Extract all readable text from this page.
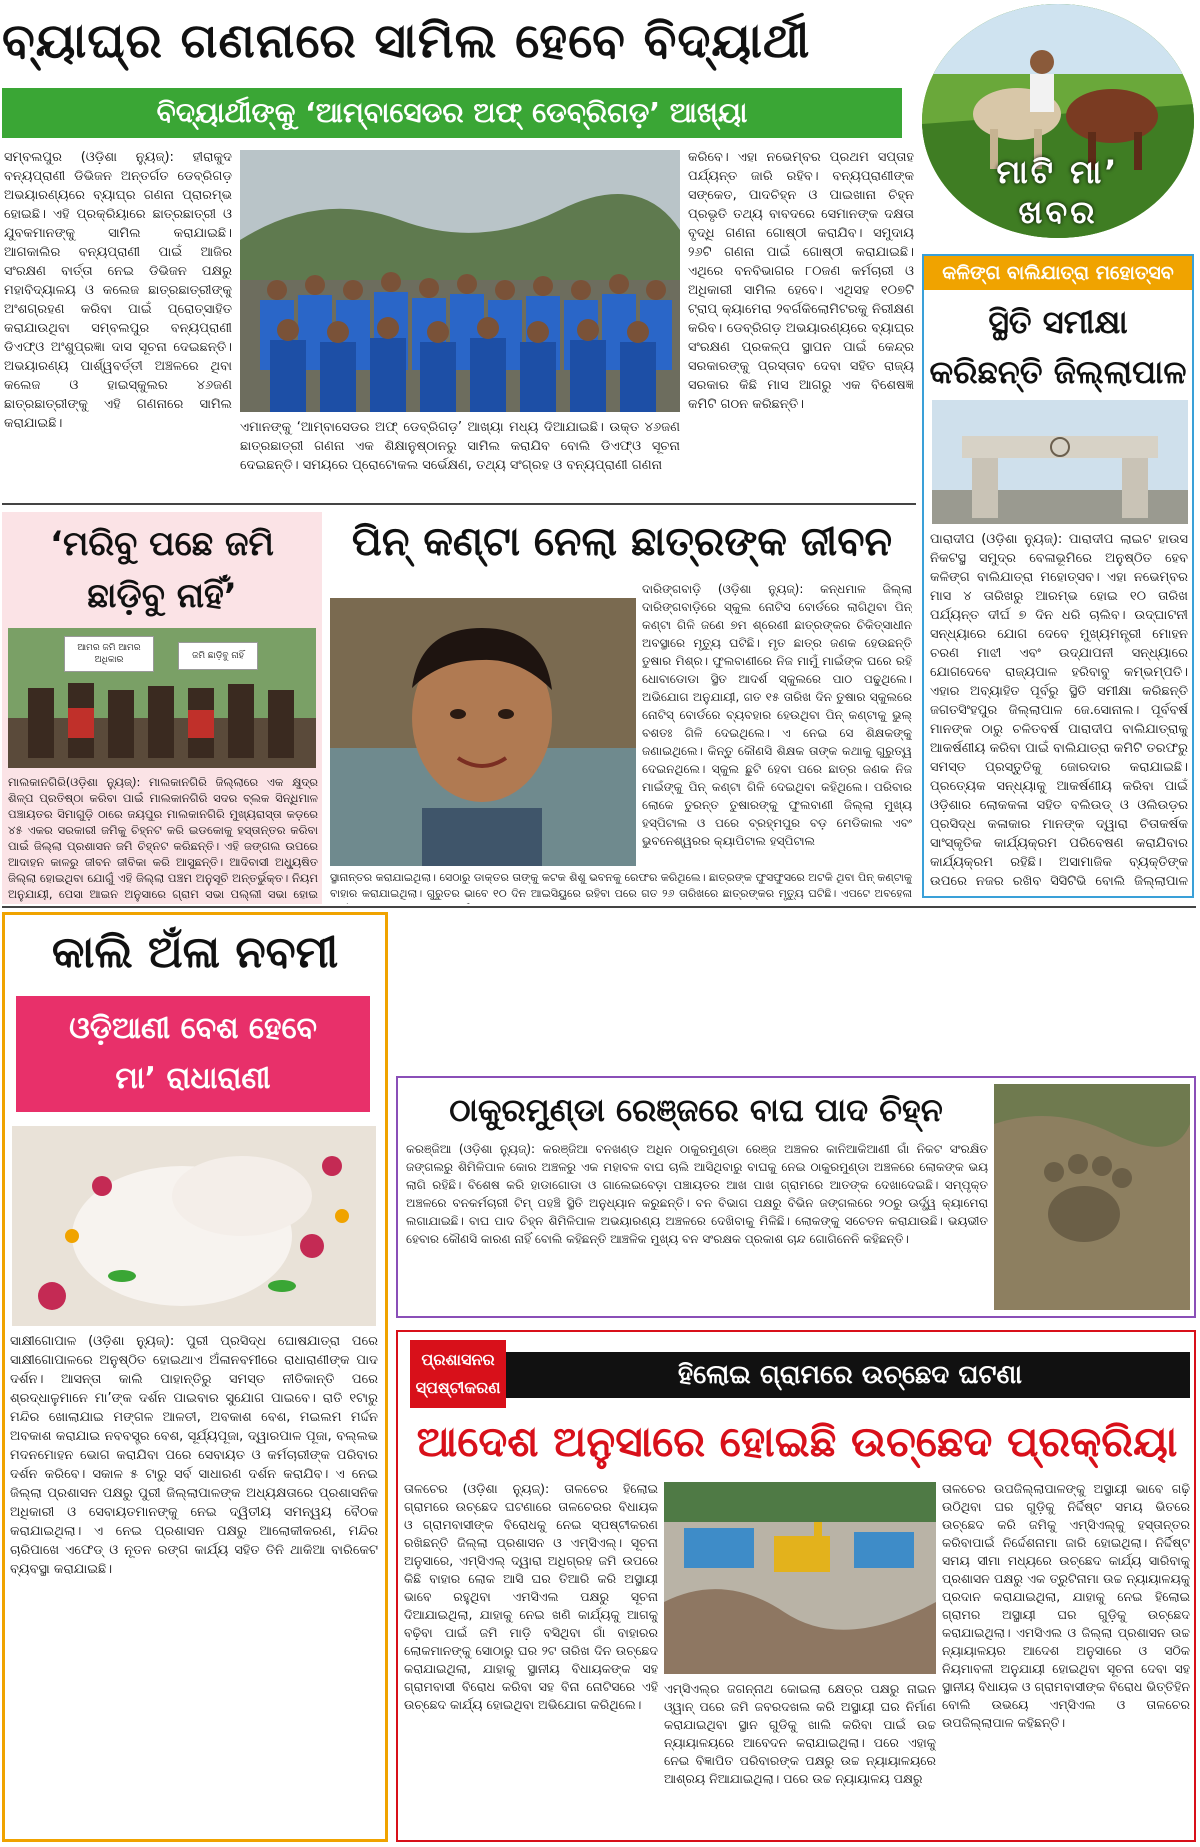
ବ୍ୟାଘ୍ର ଗଣନାରେ ସାମିଲ ହେବେ ବିଦ୍ୟାର୍ଥୀ
ବିଦ୍ୟାର୍ଥୀଙ୍କୁ ‘ଆମ୍ବାସେଡର ଅଫ୍ ଡେବ୍ରିଗଡ଼’ ଆଖ୍ୟା
ସମ୍ବଲପୁର (ଓଡ଼ିଶା ନ୍ୟୁଜ୍): ହୀରାକୁଦ ବନ୍ୟପ୍ରାଣୀ ଡିଭିଜନ ଅନ୍ତର୍ଗତ ଡେବ୍ରିଗଡ଼ ଅଭୟାରଣ୍ୟରେ ବ୍ୟାଘ୍ର ଗଣନା ପ୍ରାରମ୍ଭ ହୋଇଛି। ଏହି ପ୍ରକ୍ରିୟାରେ ଛାତ୍ରଛାତ୍ରୀ ଓ ଯୁବକମାନଙ୍କୁ ସାମିଲ କରାଯାଇଛି। ଆଗକାଲିର ବନ୍ୟପ୍ରାଣୀ ପାଇଁ ଆଜିର ସଂରକ୍ଷଣ ବାର୍ତ୍ତା ନେଇ ଡିଭିଜନ ପକ୍ଷରୁ ମହାବିଦ୍ୟାଳୟ ଓ କଲେଜ ଛାତ୍ରଛାତ୍ରୀଙ୍କୁ ଅଂଶଗ୍ରହଣ କରିବା ପାଇଁ ପ୍ରୋତ୍ସାହିତ କରାଯାଉଥିବା ସମ୍ବଲପୁର ବନ୍ୟପ୍ରାଣୀ ଡିଏଫ୍ଓ ଅଂଶୁପ୍ରଜ୍ଞା ଦାସ ସୂଚନା ଦେଇଛନ୍ତି। ଅଭୟାରଣ୍ୟ ପାର୍ଶ୍ୱବର୍ତ୍ତୀ ଅଞ୍ଚଳରେ ଥିବା କଲେଜ ଓ ହାଇସ୍କୁଲର ୪୬ଜଣ ଛାତ୍ରଛାତ୍ରୀଙ୍କୁ ଏହି ଗଣନାରେ ସାମିଲ କରାଯାଇଛି।	ଏମାନଙ୍କୁ ‘ଆମ୍ବାସେଡର ଅଫ୍ ଡେବ୍ରିଗଡ଼’ ଆଖ୍ୟା ମଧ୍ୟ ଦିଆଯାଇଛି। ଉକ୍ତ ୪୬ଜଣ ଛାତ୍ରଛାତ୍ରୀ ଗଣନା ଏକ ଶିକ୍ଷାନୁଷ୍ଠାନରୁ ସାମିଲ କରାଯିବ ବୋଲି ଡିଏଫ୍ଓ ସୂଚନା ଦେଇଛନ୍ତି। ସମୟରେ ପ୍ରୋଟୋକଲ ସର୍ଭେକ୍ଷଣ, ତଥ୍ୟ ସଂଗ୍ରହ ଓ ବନ୍ୟପ୍ରାଣୀ ଗଣନା
କରିବେ। ଏହା ନଭେମ୍ବର ପ୍ରଥମ ସପ୍ତାହ ପର୍ଯ୍ୟନ୍ତ ଜାରି ରହିବ। ବନ୍ୟପ୍ରାଣୀଙ୍କ ସଙ୍କେତ, ପାଦଚିହ୍ନ ଓ ପାଇଖାନା ଚିହ୍ନ ପ୍ରଭୃତି ତଥ୍ୟ ବାବଦରେ ସେମାନଙ୍କ ଦକ୍ଷତା ବୃଦ୍ଧି ଗଣନା ଗୋଷ୍ଠୀ କରାଯିବ। ସମୁଦାୟ ୨୬ଟି ଗଣନା ପାଇଁ ଗୋଷ୍ଠୀ କରାଯାଇଛି। ଏଥିରେ ବନବିଭାଗର ୮୦ଜଣ କର୍ମଚାରୀ ଓ ଅଧିକାରୀ ସାମିଲ ହେବେ। ଏଥିସହ ୧୦୭ଟି ଟ୍ରାପ୍ କ୍ୟାମେରା ୨ବର୍ଗକିଲୋମିଟରକୁ ନିରୀକ୍ଷଣ କରିବ। ଡେବ୍ରିଗଡ଼ ଅଭୟାରଣ୍ୟରେ ବ୍ୟାଘ୍ର ସଂରକ୍ଷଣ ପ୍ରକଳ୍ପ ସ୍ଥାପନ ପାଇଁ କେନ୍ଦ୍ର ସରକାରଙ୍କୁ ପ୍ରସ୍ତାବ ଦେବା ସହିତ ରାଜ୍ୟ ସରକାର କିଛି ମାସ ଆଗରୁ ଏକ ବିଶେଷଜ୍ଞ କମିଟି ଗଠନ କରିଛନ୍ତି।
ମାଟି ମା’
ଖବର
କଳିଙ୍ଗ ବାଲିଯାତ୍ରା ମହୋତ୍ସବ
ସ୍ଥିତି ସମୀକ୍ଷା
କରିଛନ୍ତି ଜିଲ୍ଲାପାଳ
ପାରାଦୀପ (ଓଡ଼ିଶା ନ୍ୟୁଜ୍): ପାରାଦୀପ ଲାଇଟ ହାଉସ ନିକଟସ୍ଥ ସମୁଦ୍ର ବେଳାଭୂମିରେ ଅନୁଷ୍ଠିତ ହେବ କଳିଙ୍ଗ ବାଲିଯାତ୍ରା ମହୋତ୍ସବ। ଏହା ନଭେମ୍ବର ମାସ ୪ ତାରିଖରୁ ଆରମ୍ଭ ହୋଇ ୧୦ ତାରିଖ ପର୍ଯ୍ୟନ୍ତ ଦୀର୍ଘ ୭ ଦିନ ଧରି ଚାଲିବ। ଉଦ୍‌ଘାଟନୀ ସନ୍ଧ୍ୟାରେ ଯୋଗ ଦେବେ ମୁଖ୍ୟମନ୍ତ୍ରୀ ମୋହନ ଚରଣ ମାଝୀ ଏବଂ ଉଦ୍‌ଯାପନୀ ସନ୍ଧ୍ୟାରେ ଯୋଗଦେବେ ରାଜ୍ୟପାଳ ହରିବାବୁ କମ୍ଭମ୍ପତି। ଏହାର ଅବ୍ୟାହିତ ପୂର୍ବରୁ ସ୍ଥିତି ସମୀକ୍ଷା କରିଛନ୍ତି ଜଗତସିଂହପୁର ଜିଲ୍ଲାପାଳ ଜେ.ସୋନାଲ। ପୂର୍ବବର୍ଷ ମାନଙ୍କ ଠାରୁ ଚଳିତବର୍ଷ ପାରାଦୀପ ବାଲିଯାତ୍ରାକୁ ଆକର୍ଷଣୀୟ କରିବା ପାଇଁ ବାଲିଯାତ୍ରା କମିଟି ତରଫରୁ ସମସ୍ତ ପ୍ରସ୍ତୁତିକୁ ଜୋରଦାର କରାଯାଇଛି। ପ୍ରତ୍ୟେକ ସନ୍ଧ୍ୟାକୁ ଆକର୍ଷଣୀୟ କରିବା ପାଇଁ ଓଡ଼ିଶାର ଲୋକକଳା ସହିତ ବଲିଉଡ୍ ଓ ଓଲିଉଡ଼ର ପ୍ରସିଦ୍ଧ କଳାକାର ମାନଙ୍କ ଦ୍ୱାରା ଚିତାକର୍ଷକ ସାଂସ୍କୃତିକ କାର୍ଯ୍ୟକ୍ରମ ପରିବେଷଣ କରାଯିବାର କାର୍ଯ୍ୟକ୍ରମ ରହିଛି। ଅସାମାଜିକ ବ୍ୟକ୍ତିଙ୍କ ଉପରେ ନଜର ରଖିବ ସିସିଟିଭି ବୋଲି ଜିଲ୍ଲାପାଳ
‘ମରିବୁ ପଛେ ଜମି
ଛାଡ଼ିବୁ ନାହିଁ’
ଆମର ଜମି ଆମର ଅଧିକାର	ଜମି ଛାଡ଼ିବୁ ନାହିଁ
ମାଲକାନଗିରି(ଓଡ଼ିଶା ନ୍ୟୁଜ୍): ମାଲକାନଗିରି ଜିଲ୍ଲାରେ ଏକ କ୍ଷୁଦ୍ର ଶିଳ୍ପ ପ୍ରତିଷ୍ଠା କରିବା ପାଇଁ ମାଲକାନଗିରି ସଦର ବ୍ଲକ ସିନ୍ଧିମାଳ ପଞ୍ଚାୟତର ସିମାଗୁଡ଼ି ଠାରେ ଜୟପୁର ମାଲକାନଗିରି ମୁଖ୍ୟରାସ୍ତା କଡ଼ରେ ୪୫ ଏକର ସରକାରୀ ଜମିକୁ ଚିହ୍ନଟ କରି ଇଡକୋକୁ ହସ୍ତାନ୍ତର କରିବା ପାଇଁ ଜିଲ୍ଲା ପ୍ରଶାସନ ଜମି ଚିହ୍ନଟ କରିଛନ୍ତି। ଏହି ଜଙ୍ଗଲ ଉପରେ ଆଦାହନ କାଳରୁ ଜୀବନ ଜୀବିକା କରି ଆସୁଛନ୍ତି। ଆଦିବାସୀ ଅଧ୍ୟୁଷିତ ଜିଲ୍ଲା ହୋଇଥିବା ଯୋଗୁଁ ଏହି ଜିଲ୍ଲା ପଞ୍ଚମ ଅନୁସୂଚି ଅନ୍ତର୍ଭୁକ୍ତ। ନିୟମ ଅନୁଯାୟୀ, ପେସା ଆଇନ ଅନୁସାରେ ଗ୍ରାମ ସଭା ପଲ୍ଲୀ ସଭା ହୋଇ
ପିନ୍ କଣ୍ଟା ନେଲା ଛାତ୍ରଙ୍କ ଜୀବନ
ଦାରିଙ୍ଗବାଡ଼ି (ଓଡ଼ିଶା ନ୍ୟୁଜ୍): କନ୍ଧମାଳ ଜିଲ୍ଲା ଦାରିଙ୍ଗବାଡ଼ିରେ ସ୍କୁଲ ନୋଟିସ ବୋର୍ଡରେ ଲାଗିଥିବା ପିନ୍ କଣ୍ଟା ଗିଳି ଜଣେ ୭ମ ଶ୍ରେଣୀ ଛାତ୍ରଙ୍କର ଚିକିତ୍ସାଧୀନ ଅବସ୍ଥାରେ ମୃତ୍ୟୁ ଘଟିଛି। ମୃତ ଛାତ୍ର ଜଣକ ହେଉଛନ୍ତି ତୁଷାର ମିଶ୍ର। ଫୁଲବାଣୀରେ ନିଜ ମାମୁଁ ମାଇଁଙ୍କ ଘରେ ରହି ଧୋବାଡୋଡା ସ୍ଥିତ ଆଦର୍ଶ ସ୍କୁଲରେ ପାଠ ପଢୁଥିଲେ। ଅଭିଯୋଗ ଅନୁଯାୟୀ, ଗତ ୧୫ ତାରିଖ ଦିନ ତୁଷାର ସ୍କୁଲରେ ନୋଟିସ୍ ବୋର୍ଡରେ ବ୍ୟବହାର ହେଉଥିବା ପିନ୍ କଣ୍ଟାକୁ ଭୁଲ୍ ବଶତଃ ଗିଳି ଦେଇଥିଲେ। ଏ ନେଇ ସେ ଶିକ୍ଷକଙ୍କୁ ଜଣାଇଥିଲେ। କିନ୍ତୁ କୌଣସି ଶିକ୍ଷକ ତାଙ୍କ କଥାକୁ ଗୁରୁତ୍ୱ ଦେଇନଥିଲେ। ସ୍କୁଲ ଛୁଟି ହେବା ପରେ ଛାତ୍ର ଜଣକ ନିଜ ମାଇଁଙ୍କୁ ପିନ୍ କଣ୍ଟା ଗିଳି ଦେଇଥିବା କହିଥିଲେ। ପରିବାର ଲୋକେ ତୁରନ୍ତ ତୁଷାରଙ୍କୁ ଫୁଲବାଣୀ ଜିଲ୍ଲା ମୁଖ୍ୟ ହସ୍ପିଟାଲ ଓ ପରେ ବ୍ରହ୍ମପୁର ବଡ଼ ମେଡିକାଲ ଏବଂ ଭୁବନେଶ୍ୱରର କ୍ୟାପିଟାଲ ହସ୍ପିଟାଲ
ସ୍ଥାନାନ୍ତର କରାଯାଇଥିଲା। ସେଠାରୁ ଡାକ୍ତର ତାଙ୍କୁ କଟକ ଶିଶୁ ଭବନକୁ ରେଫର କରିଥିଲେ। ଛାତ୍ରଙ୍କ ଫୁସଫୁସରେ ଅଟକି ଥିବା ପିନ୍ କଣ୍ଟାକୁ ବାହାର କରାଯାଇଥିଲା। ଗୁରୁତର ଭାବେ ୧୦ ଦିନ ଆଇସିୟୁରେ ରହିବା ପରେ ଗତ ୨୬ ତାରିଖରେ ଛାତ୍ରଙ୍କର ମୃତ୍ୟୁ ଘଟିଛି। ଏପଟେ ଅବହେଳା
କାଲି ଅଁଳା ନବମୀ
ଓଡ଼ିଆଣୀ ବେଶ ହେବେ
ମା’ ରାଧାରାଣୀ
ସାକ୍ଷୀଗୋପାଳ (ଓଡ଼ିଶା ନ୍ୟୁଜ୍): ପୁରୀ ପ୍ରସିଦ୍ଧ ଘୋଷଯାତ୍ରା ପରେ ସାକ୍ଷୀଗୋପାଳରେ ଅନୁଷ୍ଠିତ ହୋଇଥାଏ ଅଁଳାନବମୀରେ ରାଧାରାଣୀଙ୍କ ପାଦ ଦର୍ଶନ। ଆସନ୍ତା କାଲି ପାହାନ୍ତିରୁ ସମସ୍ତ ନୀତିକାନ୍ତି ପରେ ଶ୍ରଦ୍ଧାଳୁମାନେ ମା’ଙ୍କ ଦର୍ଶନ ପାଇବାର ସୁଯୋଗ ପାଇବେ। ରାତି ୧ଟାରୁ ମନ୍ଦିର ଖୋଲାଯାଇ ମଙ୍ଗଳ ଆଳତୀ, ଅବକାଶ ବେଶ, ମଇଲମ ମର୍ଦ୍ଦନ ଅବକାଶ କରାଯାଇ ନବବସ୍ତ୍ର ବେଶ, ସୂର୍ଯ୍ୟପୂଜା, ଦ୍ୱାରପାଳ ପୂଜା, ବଲ୍ଲଭ ମଦନମୋହନ ଭୋଗ କରାଯିବା ପରେ ସେବାୟତ ଓ କର୍ମଚାରୀଙ୍କ ପରିବାର ଦର୍ଶନ କରିବେ। ସକାଳ ୫ ଟାରୁ ସର୍ବ ସାଧାରଣ ଦର୍ଶନ କରାଯିବ। ଏ ନେଇ ଜିଲ୍ଲା ପ୍ରଶାସନ ପକ୍ଷରୁ ପୁରୀ ଜିଲ୍ଲାପାଳଙ୍କ ଅଧ୍ୟକ୍ଷତାରେ ପ୍ରଶାସନିକ ଅଧିକାରୀ ଓ ସେବାୟତମାନଙ୍କୁ ନେଇ ଦ୍ୱିତୀୟ ସମନ୍ୱୟ ବୈଠକ କରାଯାଇଥିଲା। ଏ ନେଇ ପ୍ରଶାସନ ପକ୍ଷରୁ ଆଲୋକୀକରଣ, ମନ୍ଦିର ଚାରିପାଖେ ଏଫେଡ୍ ଓ ନୂତନ ରଙ୍ଗ କାର୍ଯ୍ୟ ସହିତ ତିନି ଥାକିଆ ବାରିକେଟ ବ୍ୟବସ୍ଥା କରାଯାଇଛି।
ଠାକୁରମୁଣ୍ଡା ରେଞ୍ଜରେ ବାଘ ପାଦ ଚିହ୍ନ
କରଞ୍ଜିଆ (ଓଡ଼ିଶା ନ୍ୟୁଜ୍): କରଞ୍ଜିଆ ବନଖଣ୍ଡ ଅଧିନ ଠାକୁରମୁଣ୍ଡା ରେଞ୍ଜ ଅଞ୍ଚଳର କାନିଆକିଆଣୀ ଗାଁ ନିକଟ ସଂରକ୍ଷିତ ଜଙ୍ଗଲରୁ ଶିମିଳିପାଳ କୋର ଅଞ୍ଚଳରୁ ଏକ ମହାବଳ ବାଘ ଚାଲି ଆସିଥିବାରୁ ବାଘକୁ ନେଇ ଠାକୁରମୁଣ୍ଡା ଅଞ୍ଚଳରେ ଲୋକଙ୍କ ଭୟ ଲାଗି ରହିଛି। ବିଶେଷ କରି ହାଡାଗୋଡା ଓ ଗାଲେଇବେଡ଼ା ପଞ୍ଚାୟତର ଆଖ ପାଖ ଗ୍ରାମରେ ଆତଙ୍କ ଦେଖାଦେଇଛି। ସମ୍ପୃକ୍ତ ଅଞ୍ଚଳରେ ବନକର୍ମଚାରୀ ଟିମ୍ ପହଞ୍ଚି ସ୍ଥିତି ଅନୁଧ୍ୟାନ କରୁଛନ୍ତି। ବନ ବିଭାଗ ପକ୍ଷରୁ ବିଭିନ ଜଙ୍ଗଲରେ ୨୦ରୁ ଊର୍ଦ୍ଧ୍ୱ କ୍ୟାମେରା ଲଗାଯାଇଛି। ବାଘ ପାଦ ଚିହ୍ନ ଶିମିଳିପାଳ ଅଭୟାରଣ୍ୟ ଅଞ୍ଚଳରେ ଦେଖିବାକୁ ମିଳିଛି। ଲୋକଙ୍କୁ ସଚେତନ କରାଯାଉଛି। ଭୟଭୀତ ହେବାର କୌଣସି କାରଣ ନାହିଁ ବୋଲି କହିଛନ୍ତି ଆଞ୍ଚଳିକ ମୁଖ୍ୟ ବନ ସଂରକ୍ଷକ ପ୍ରକାଶ ଚାନ୍ଦ ଗୋଗିନେନି କହିଛନ୍ତି।
ହିଲୋଇ ଗ୍ରାମରେ ଉଚ୍ଛେଦ ଘଟଣା
ପ୍ରଶାସନର
ସ୍ପଷ୍ଟୀକରଣ
ଆଦେଶ ଅନୁସାରେ ହୋଇଛି ଉଚ୍ଛେଦ ପ୍ରକ୍ରିୟା
ତାଳଚେର (ଓଡ଼ିଶା ନ୍ୟୁଜ୍): ତାଳଚେର ହିଲୋଇ ଗ୍ରାମରେ ଉଚ୍ଛେଦ ଘଟଣାରେ ତାଳଚେରର ବିଧାୟକ ଓ ଗ୍ରାମବାସୀଙ୍କ ବିରୋଧକୁ ନେଇ ସ୍ପଷ୍ଟୀକରଣ ରଖିଛନ୍ତି ଜିଲ୍ଲା ପ୍ରଶାସନ ଓ ଏମ୍‌ସିଏଲ୍। ସୂଚନା ଅନୁସାରେ, ଏମ୍‌ସିଏଲ୍ ଦ୍ୱାରା ଅଧିଗ୍ରହ ଜମି ଉପରେ କିଛି ବାହାର ଲୋକ ଆସି ଘର ତିଆରି କରି ଅସ୍ଥାୟୀ ଭାବେ ରହୁଥିବା ଏମସିଏଲ ପକ୍ଷରୁ ସୂଚନା ଦିଆଯାଇଥିଲା, ଯାହାକୁ ନେଇ ଖଣି କାର୍ଯ୍ୟକୁ ଆଗକୁ ବଢ଼ିବା ପାଇଁ ଜମି ମାଡ଼ି ବସିଥିବା ଗାଁ ବାହାରର ଲୋକମାନଙ୍କୁ ସୋଠାରୁ ଘର ୨ଟ ତାରିଖ ଦିନ ଉଚ୍ଛେଦ କରାଯାଇଥିଲା, ଯାହାକୁ ସ୍ଥାନୀୟ ବିଧାୟକଙ୍କ ସହ ଗ୍ରାମବାସୀ ବିରୋଧ କରିବା ସହ ବିନା ନୋଟିସରେ ଏହି ଉଚ୍ଛେଦ କାର୍ଯ୍ୟ ହୋଇଥିବା ଅଭିଯୋଗ କରିଥିଲେ।
ଏମ୍‌ସିଏଲ୍‌ର ଜଗନ୍ନାଥ କୋଇଲା କ୍ଷେତ୍ର ପକ୍ଷରୁ ନାଇନ ଓ୍ୱାନ୍ ପରେ ଜମି ଜବରଦଖଲ କରି ଅସ୍ଥାୟୀ ଘର ନିର୍ମାଣ କରାଯାଇଥିବା ସ୍ଥାନ ଗୁଡିକୁ ଖାଲି କରିବା ପାଇଁ ଉଚ୍ଚ ନ୍ୟାୟାଳୟରେ ଆବେଦନ କରାଯାଇଥିଲା। ପରେ ଏହାକୁ ନେଇ ବିଜ୍ଞାପିତ ପରିବାରଙ୍କ ପକ୍ଷରୁ ଉଚ୍ଚ ନ୍ୟାୟାଳୟରେ ଆଶ୍ରୟ ନିଆଯାଇଥିଲା। ପରେ ଉଚ୍ଚ ନ୍ୟାୟାଳୟ ପକ୍ଷରୁ
ତାଳଚେର ଉପଜିଲ୍ଲାପାଳଙ୍କୁ ଅସ୍ଥାୟୀ ଭାବେ ଗଢ଼ି ଉଠିଥିବା ଘର ଗୁଡ଼ିକୁ ନିର୍ଦ୍ଦିଷ୍ଟ ସମୟ ଭିତରେ ଉଚ୍ଛେଦ କରି ଜମିକୁ ଏମ୍‌ସିଏଲ୍‌କୁ ହସ୍ତାନ୍ତର କରିବାପାଇଁ ନିର୍ଦ୍ଦେଶନାମା ଜାରି ହୋଇଥିଲା। ନିର୍ଦ୍ଦିଷ୍ଟ ସମୟ ସୀମା ମଧ୍ୟରେ ଉଚ୍ଛେଦ କାର୍ଯ୍ୟ ସାରିବାକୁ ପ୍ରଶାସନ ପକ୍ଷରୁ ଏକ ତ୍ରୁଟିନାମା ଉଚ୍ଚ ନ୍ୟାୟାଳୟକୁ ପ୍ରଦାନ କରାଯାଇଥିଲା, ଯାହାକୁ ନେଇ ହିଲୋଇ ଗ୍ରାମର ଅସ୍ଥାୟୀ ଘର ଗୁଡ଼ିକୁ ଉଚ୍ଛେଦ କରାଯାଇଥିଲା। ଏମସିଏଲ ଓ ଜିଲ୍ଲା ପ୍ରଶାସନ ଉଚ୍ଚ ନ୍ୟାୟାଳୟର ଆଦେଶ ଅନୁସାରେ ଓ ସଠିକ ନିୟମାବଳୀ ଅନୁଯାୟୀ ହୋଇଥିବା ସୂଚନା ଦେବା ସହ ସ୍ଥାନୀୟ ବିଧାୟକ ଓ ଗ୍ରାମବାସୀଙ୍କ ବିରୋଧ ଭିତ୍ତିହିନ ବୋଲି ଉଭୟେ ଏମ୍‌ସିଏଲ ଓ ତାଳଚେର ଉପଜିଲ୍ଲାପାଳ କହିଛନ୍ତି।
